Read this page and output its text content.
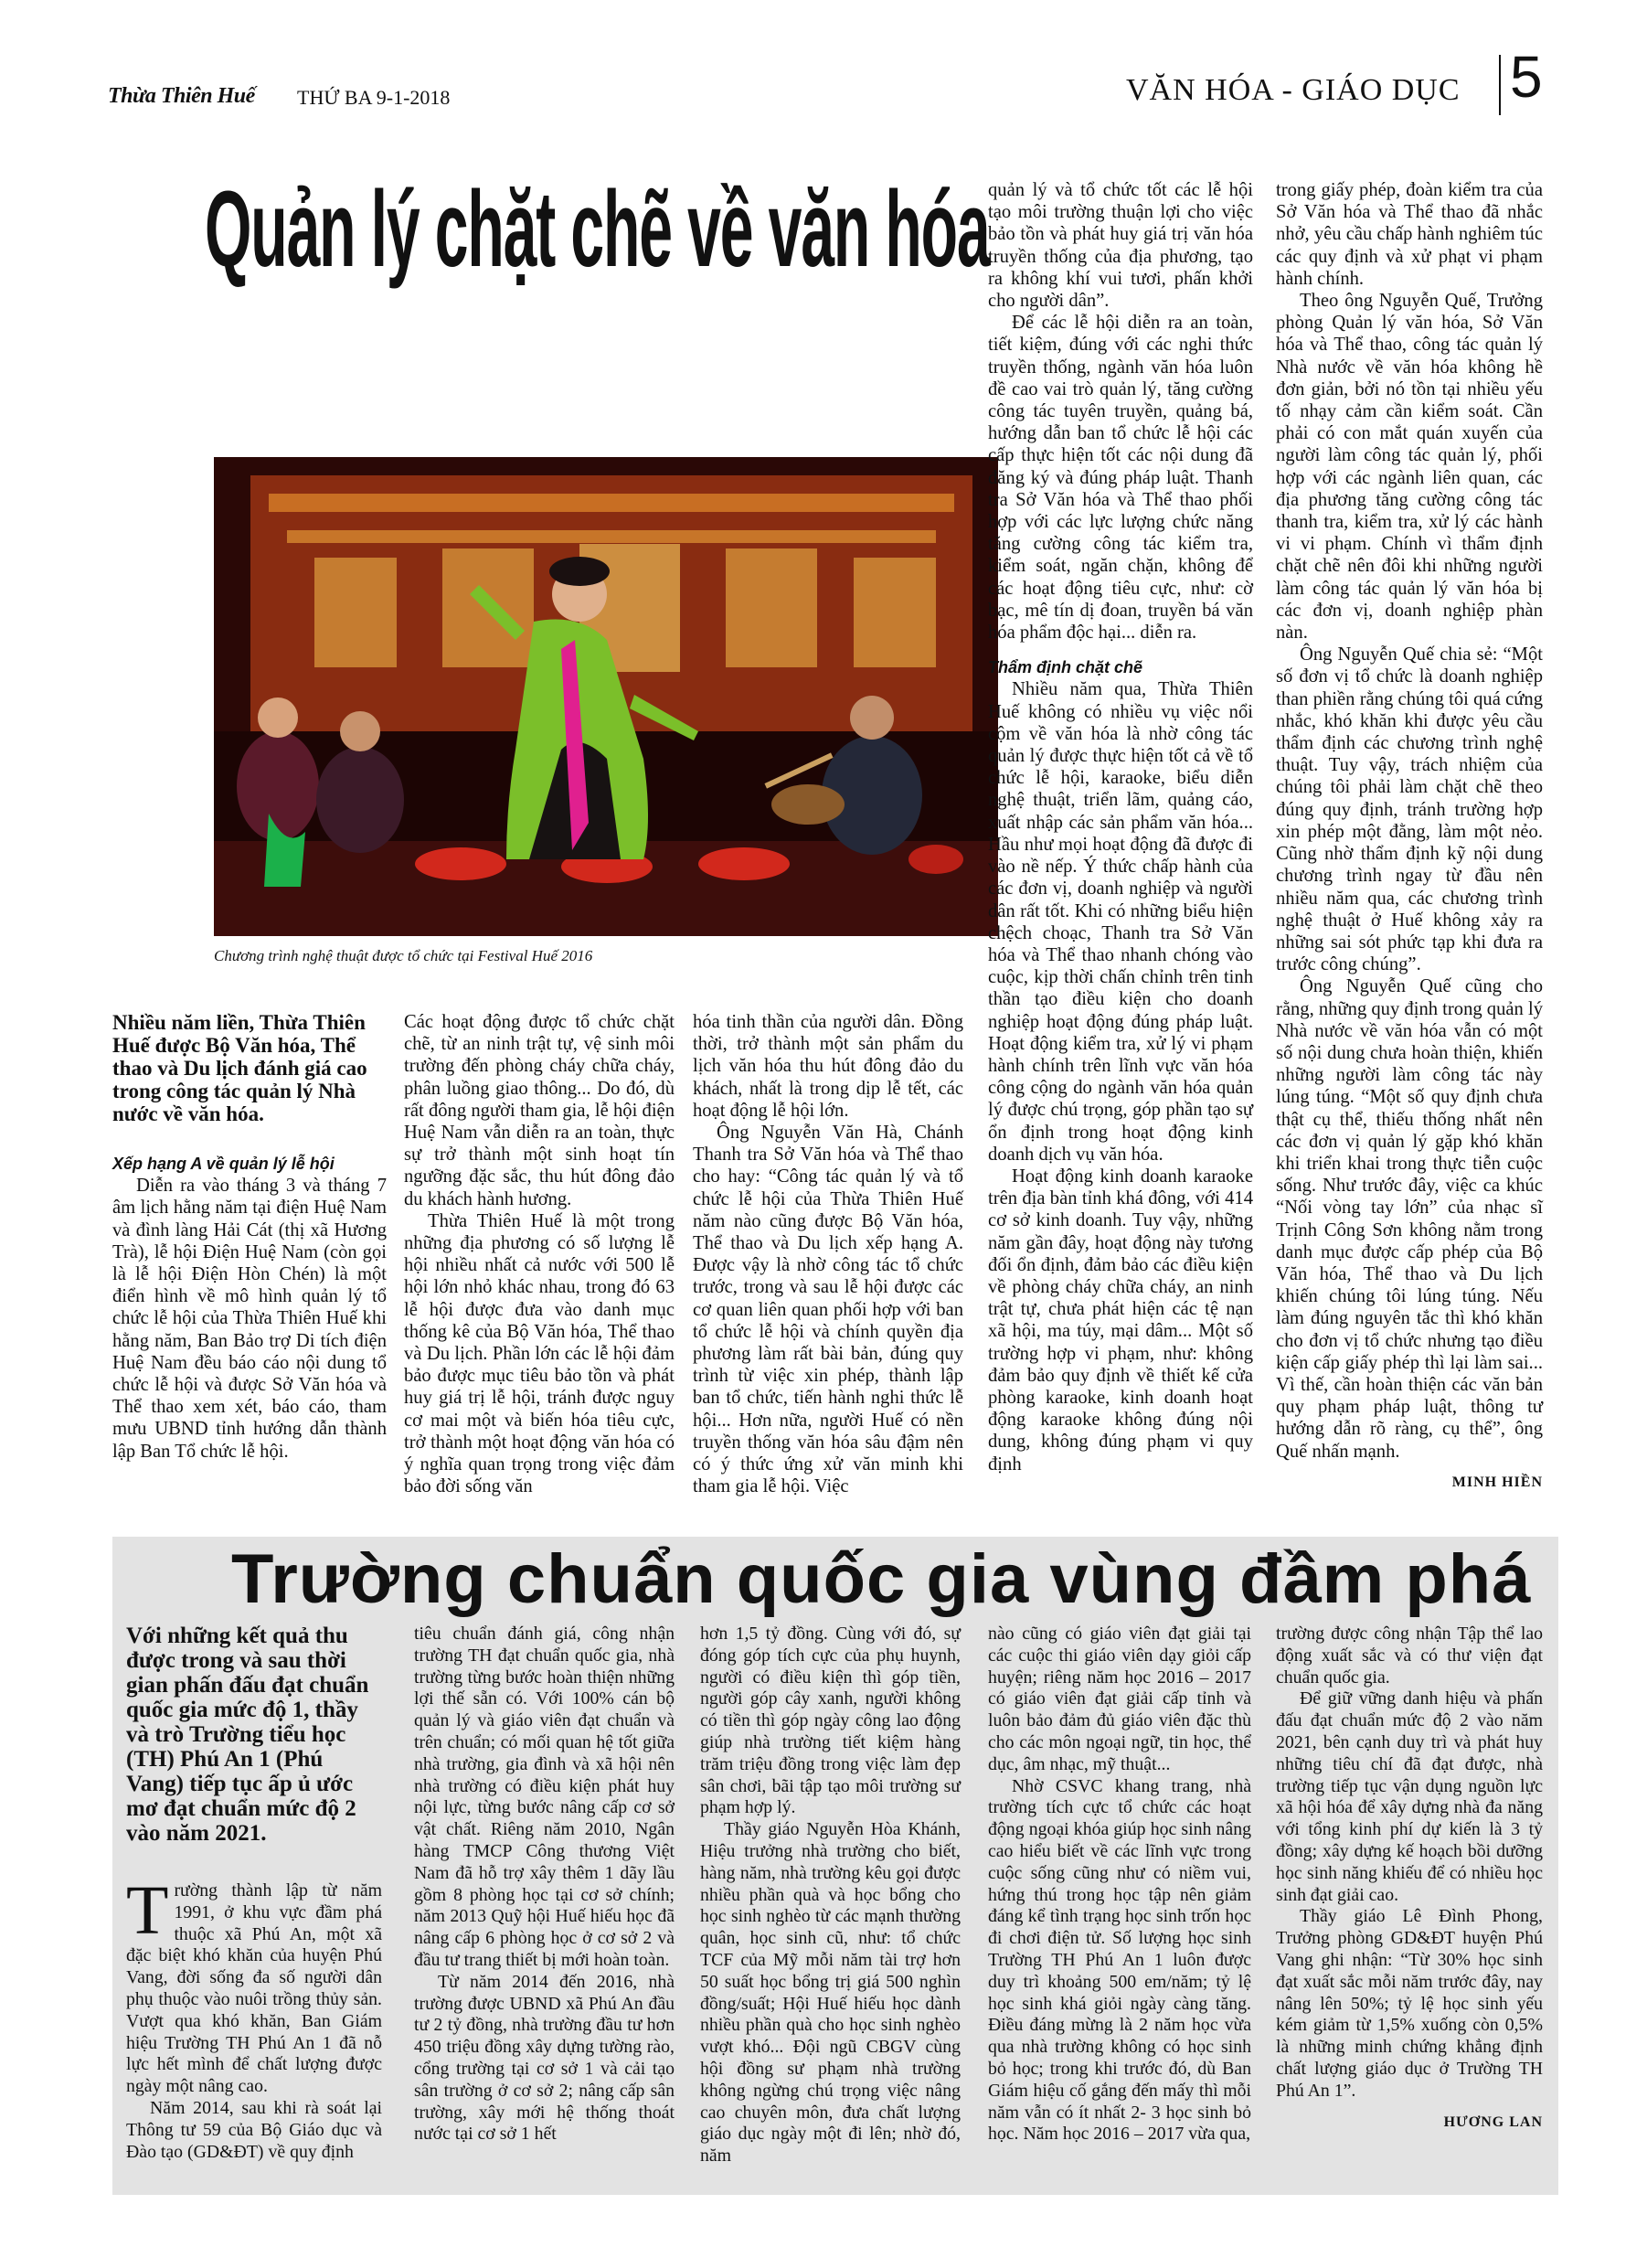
Thừa Thiên Huế THỨ BA 9-1-2018	VĂN HÓA - GIÁO DỤC 5
Quản lý chặt chẽ về văn hóa
Chương trình nghệ thuật được tổ chức tại Festival Huế 2016

Nhiều năm liền, Thừa Thiên Huế được Bộ Văn hóa, Thể thao và Du lịch đánh giá cao trong công tác quản lý Nhà nước về văn hóa.

Xếp hạng A về quản lý lễ hội

Diễn ra vào tháng 3 và tháng 7 âm lịch hằng năm tại điện Huệ Nam và đình làng Hải Cát (thị xã Hương Trà), lễ hội Điện Huệ Nam (còn gọi là lễ hội Điện Hòn Chén) là một điển hình về mô hình quản lý tổ chức lễ hội của Thừa Thiên Huế khi hằng năm, Ban Bảo trợ Di tích điện Huệ Nam đều báo cáo nội dung tổ chức lễ hội và được Sở Văn hóa và Thể thao xem xét, báo cáo, tham mưu UBND tỉnh hướng dẫn thành lập Ban Tổ chức lễ hội.

Các hoạt động được tổ chức chặt chẽ, từ an ninh trật tự, vệ sinh môi trường đến phòng cháy chữa cháy, phân luồng giao thông... Do đó, dù rất đông người tham gia, lễ hội điện Huệ Nam vẫn diễn ra an toàn, thực sự trở thành một sinh hoạt tín ngưỡng đặc sắc, thu hút đông đảo du khách hành hương.

Thừa Thiên Huế là một trong những địa phương có số lượng lễ hội nhiều nhất cả nước với 500 lễ hội lớn nhỏ khác nhau, trong đó 63 lễ hội được đưa vào danh mục thống kê của Bộ Văn hóa, Thể thao và Du lịch. Phần lớn các lễ hội đảm bảo được mục tiêu bảo tồn và phát huy giá trị lễ hội, tránh được nguy cơ mai một và biến hóa tiêu cực, trở thành một hoạt động văn hóa có ý nghĩa quan trọng trong việc đảm bảo đời sống văn

hóa tinh thần của người dân. Đồng thời, trở thành một sản phẩm du lịch văn hóa thu hút đông đảo du khách, nhất là trong dịp lễ tết, các hoạt động lễ hội lớn.

Ông Nguyễn Văn Hà, Chánh Thanh tra Sở Văn hóa và Thể thao cho hay: “Công tác quản lý và tổ chức lễ hội của Thừa Thiên Huế năm nào cũng được Bộ Văn hóa, Thể thao và Du lịch xếp hạng A. Được vậy là nhờ công tác tổ chức trước, trong và sau lễ hội được các cơ quan liên quan phối hợp với ban tổ chức lễ hội và chính quyền địa phương làm rất bài bản, đúng quy trình từ việc xin phép, thành lập ban tổ chức, tiến hành nghi thức lễ hội... Hơn nữa, người Huế có nền truyền thống văn hóa sâu đậm nên có ý thức ứng xử văn minh khi tham gia lễ hội. Việc

quản lý và tổ chức tốt các lễ hội tạo môi trường thuận lợi cho việc bảo tồn và phát huy giá trị văn hóa truyền thống của địa phương, tạo ra không khí vui tươi, phấn khởi cho người dân”.

Để các lễ hội diễn ra an toàn, tiết kiệm, đúng với các nghi thức truyền thống, ngành văn hóa luôn đề cao vai trò quản lý, tăng cường công tác tuyên truyền, quảng bá, hướng dẫn ban tổ chức lễ hội các cấp thực hiện tốt các nội dung đã đăng ký và đúng pháp luật. Thanh tra Sở Văn hóa và Thể thao phối hợp với các lực lượng chức năng tăng cường công tác kiểm tra, kiểm soát, ngăn chặn, không để các hoạt động tiêu cực, như: cờ bạc, mê tín dị đoan, truyền bá văn hóa phẩm độc hại... diễn ra.

Thẩm định chặt chẽ

Nhiều năm qua, Thừa Thiên Huế không có nhiều vụ việc nổi cộm về văn hóa là nhờ công tác quản lý được thực hiện tốt cả về tổ chức lễ hội, karaoke, biểu diễn nghệ thuật, triển lãm, quảng cáo, xuất nhập các sản phẩm văn hóa... Hầu như mọi hoạt động đã được đi vào nề nếp. Ý thức chấp hành của các đơn vị, doanh nghiệp và người dân rất tốt. Khi có những biểu hiện chệch choạc, Thanh tra Sở Văn hóa và Thể thao nhanh chóng vào cuộc, kịp thời chấn chỉnh trên tinh thần tạo điều kiện cho doanh nghiệp hoạt động đúng pháp luật. Hoạt động kiểm tra, xử lý vi phạm hành chính trên lĩnh vực văn hóa công cộng do ngành văn hóa quản lý được chú trọng, góp phần tạo sự ổn định trong hoạt động kinh doanh dịch vụ văn hóa.

Hoạt động kinh doanh karaoke trên địa bàn tỉnh khá đông, với 414 cơ sở kinh doanh. Tuy vậy, những năm gần đây, hoạt động này tương đối ổn định, đảm bảo các điều kiện về phòng cháy chữa cháy, an ninh trật tự, chưa phát hiện các tệ nạn xã hội, ma túy, mại dâm... Một số trường hợp vi phạm, như: không đảm bảo quy định về thiết kế cửa phòng karaoke, kinh doanh hoạt động karaoke không đúng nội dung, không đúng phạm vi quy định

trong giấy phép, đoàn kiểm tra của Sở Văn hóa và Thể thao đã nhắc nhở, yêu cầu chấp hành nghiêm túc các quy định và xử phạt vi phạm hành chính.

Theo ông Nguyễn Quế, Trưởng phòng Quản lý văn hóa, Sở Văn hóa và Thể thao, công tác quản lý Nhà nước về văn hóa không hề đơn giản, bởi nó tồn tại nhiều yếu tố nhạy cảm cần kiểm soát. Cần phải có con mắt quán xuyến của người làm công tác quản lý, phối hợp với các ngành liên quan, các địa phương tăng cường công tác thanh tra, kiểm tra, xử lý các hành vi vi phạm. Chính vì thẩm định chặt chẽ nên đôi khi những người làm công tác quản lý văn hóa bị các đơn vị, doanh nghiệp phàn nàn.

Ông Nguyễn Quế chia sẻ: “Một số đơn vị tổ chức là doanh nghiệp than phiền rằng chúng tôi quá cứng nhắc, khó khăn khi được yêu cầu thẩm định các chương trình nghệ thuật. Tuy vậy, trách nhiệm của chúng tôi phải làm chặt chẽ theo đúng quy định, tránh trường hợp xin phép một đằng, làm một nẻo. Cũng nhờ thẩm định kỹ nội dung chương trình ngay từ đầu nên nhiều năm qua, các chương trình nghệ thuật ở Huế không xảy ra những sai sót phức tạp khi đưa ra trước công chúng”.

Ông Nguyễn Quế cũng cho rằng, những quy định trong quản lý Nhà nước về văn hóa vẫn có một số nội dung chưa hoàn thiện, khiến những người làm công tác này lúng túng. “Một số quy định chưa thật cụ thể, thiếu thống nhất nên các đơn vị quản lý gặp khó khăn khi triển khai trong thực tiễn cuộc sống. Như trước đây, việc ca khúc “Nối vòng tay lớn” của nhạc sĩ Trịnh Công Sơn không nằm trong danh mục được cấp phép của Bộ Văn hóa, Thể thao và Du lịch khiến chúng tôi lúng túng. Nếu làm đúng nguyên tắc thì khó khăn cho đơn vị tổ chức nhưng tạo điều kiện cấp giấy phép thì lại làm sai... Vì thế, cần hoàn thiện các văn bản quy phạm pháp luật, thông tư hướng dẫn rõ ràng, cụ thể”, ông Quế nhấn mạnh.

MINH HIỀN
Trường chuẩn quốc gia vùng đầm phá

Với những kết quả thu được trong và sau thời gian phấn đấu đạt chuẩn quốc gia mức độ 1, thầy và trò Trường tiểu học (TH) Phú An 1 (Phú Vang) tiếp tục ấp ủ ước mơ đạt chuẩn mức độ 2 vào năm 2021.

Trường thành lập từ năm 1991, ở khu vực đầm phá thuộc xã Phú An, một xã đặc biệt khó khăn của huyện Phú Vang, đời sống đa số người dân phụ thuộc vào nuôi trồng thủy sản. Vượt qua khó khăn, Ban Giám hiệu Trường TH Phú An 1 đã nỗ lực hết mình để chất lượng được ngày một nâng cao.

Năm 2014, sau khi rà soát lại Thông tư 59 của Bộ Giáo dục và Đào tạo (GD&ĐT) về quy định

tiêu chuẩn đánh giá, công nhận trường TH đạt chuẩn quốc gia, nhà trường từng bước hoàn thiện những lợi thế sẵn có. Với 100% cán bộ quản lý và giáo viên đạt chuẩn và trên chuẩn; có mối quan hệ tốt giữa nhà trường, gia đình và xã hội nên nhà trường có điều kiện phát huy nội lực, từng bước nâng cấp cơ sở vật chất. Riêng năm 2010, Ngân hàng TMCP Công thương Việt Nam đã hỗ trợ xây thêm 1 dãy lầu gồm 8 phòng học tại cơ sở chính; năm 2013 Quỹ hội Huế hiếu học đã nâng cấp 6 phòng học ở cơ sở 2 và đầu tư trang thiết bị mới hoàn toàn.

Từ năm 2014 đến 2016, nhà trường được UBND xã Phú An đầu tư 2 tỷ đồng, nhà trường đầu tư hơn 450 triệu đồng xây dựng tường rào, cổng trường tại cơ sở 1 và cải tạo sân trường ở cơ sở 2; nâng cấp sân trường, xây mới hệ thống thoát nước tại cơ sở 1 hết

hơn 1,5 tỷ đồng. Cùng với đó, sự đóng góp tích cực của phụ huynh, người có điều kiện thì góp tiền, người góp cây xanh, người không có tiền thì góp ngày công lao động giúp nhà trường tiết kiệm hàng trăm triệu đồng trong việc làm đẹp sân chơi, bãi tập tạo môi trường sư phạm hợp lý.

Thầy giáo Nguyễn Hòa Khánh, Hiệu trưởng nhà trường cho biết, hàng năm, nhà trường kêu gọi được nhiều phần quà và học bổng cho học sinh nghèo từ các mạnh thường quân, học sinh cũ, như: tổ chức TCF của Mỹ mỗi năm tài trợ hơn 50 suất học bổng trị giá 500 nghìn đồng/suất; Hội Huế hiếu học dành nhiều phần quà cho học sinh nghèo vượt khó... Đội ngũ CBGV cùng hội đồng sư phạm nhà trường không ngừng chú trọng việc nâng cao chuyên môn, đưa chất lượng giáo dục ngày một đi lên; nhờ đó, năm

nào cũng có giáo viên đạt giải tại các cuộc thi giáo viên dạy giỏi cấp huyện; riêng năm học 2016 – 2017 có giáo viên đạt giải cấp tỉnh và luôn bảo đảm đủ giáo viên đặc thù cho các môn ngoại ngữ, tin học, thể dục, âm nhạc, mỹ thuật...

Nhờ CSVC khang trang, nhà trường tích cực tổ chức các hoạt động ngoại khóa giúp học sinh nâng cao hiểu biết về các lĩnh vực trong cuộc sống cũng như có niềm vui, hứng thú trong học tập nên giảm đáng kể tình trạng học sinh trốn học đi chơi điện tử. Số lượng học sinh Trường TH Phú An 1 luôn được duy trì khoảng 500 em/năm; tỷ lệ học sinh khá giỏi ngày càng tăng. Điều đáng mừng là 2 năm học vừa qua nhà trường không có học sinh bỏ học; trong khi trước đó, dù Ban Giám hiệu cố gắng đến mấy thì mỗi năm vẫn có ít nhất 2- 3 học sinh bỏ học. Năm học 2016 – 2017 vừa qua,

trường được công nhận Tập thể lao động xuất sắc và có thư viện đạt chuẩn quốc gia.

Để giữ vững danh hiệu và phấn đấu đạt chuẩn mức độ 2 vào năm 2021, bên cạnh duy trì và phát huy những tiêu chí đã đạt được, nhà trường tiếp tục vận dụng nguồn lực xã hội hóa để xây dựng nhà đa năng với tổng kinh phí dự kiến là 3 tỷ đồng; xây dựng kế hoạch bồi dưỡng học sinh năng khiếu để có nhiều học sinh đạt giải cao.

Thầy giáo Lê Đình Phong, Trưởng phòng GD&ĐT huyện Phú Vang ghi nhận: “Từ 30% học sinh đạt xuất sắc mỗi năm trước đây, nay nâng lên 50%; tỷ lệ học sinh yếu kém giảm từ 1,5% xuống còn 0,5% là những minh chứng khẳng định chất lượng giáo dục ở Trường TH Phú An 1”.

HƯƠNG LAN
